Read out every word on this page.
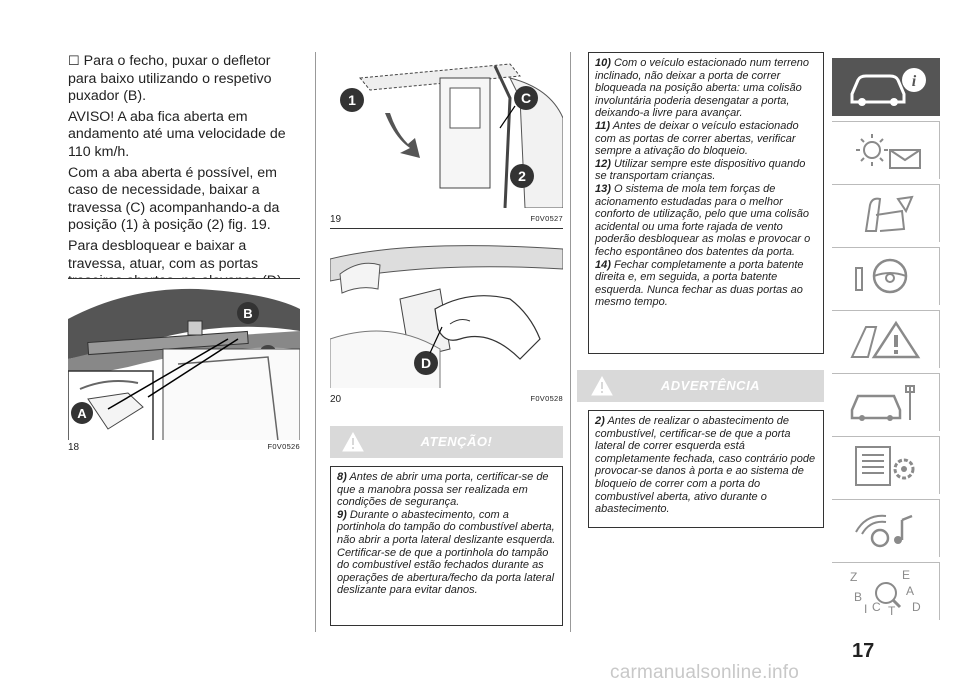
☐ Para o fecho, puxar o defletor para baixo utilizando o respetivo puxador (B).

AVISO! A aba fica aberta em andamento até uma velocidade de 110 km/h.

Com a aba aberta é possível, em caso de necessidade, baixar a travessa (C) acompanhando-a da posição (1) à posição (2) fig. 19.

Para desbloquear e baixar a travessa, atuar, com as portas

A
B
18	F0V0526
1	C
2
19	F0V0527
D
20	F0V0528
ATENÇÃO!

8) Antes de abrir uma porta, certificar-se de que a manobra possa ser realizada em condições de segurança.

9) Durante o abastecimento, com a portinhola do tampão do combustível aberta, não abrir a porta lateral deslizante esquerda. Certificar-se de que a portinhola do tampão do combustível estão fechados durante as operações de abertura/fecho da porta lateral deslizante para evitar danos.

10) Com o veículo estacionado num terreno inclinado, não deixar a porta de correr bloqueada na posição aberta: uma colisão involuntária poderia desengatar a porta, deixando-a livre para avançar.

11) Antes de deixar o veículo estacionado com as portas de correr abertas, verificar sempre a ativação do bloqueio.

12) Utilizar sempre este dispositivo quando se transportam crianças.

13) O sistema de mola tem forças de acionamento estudadas para o melhor conforto de utilização, pelo que uma colisão acidental ou uma forte rajada de vento poderão desbloquear as molas e provocar o fecho espontâneo dos batentes da porta.

14) Fechar completamente a porta batente direita e, em seguida, a porta batente esquerda. Nunca fechar as duas portas ao mesmo tempo.

ADVERTÊNCIA

2) Antes de realizar o abastecimento de combustível, certificar-se de que a porta lateral de correr esquerda está completamente fechada, caso contrário pode provocar-se danos à porta e ao sistema de bloqueio de correr com a porta do combustível aberta, ativo durante o abastecimento.

i
Z	E
B	A
I C T D
17
carmanualsonline.info
